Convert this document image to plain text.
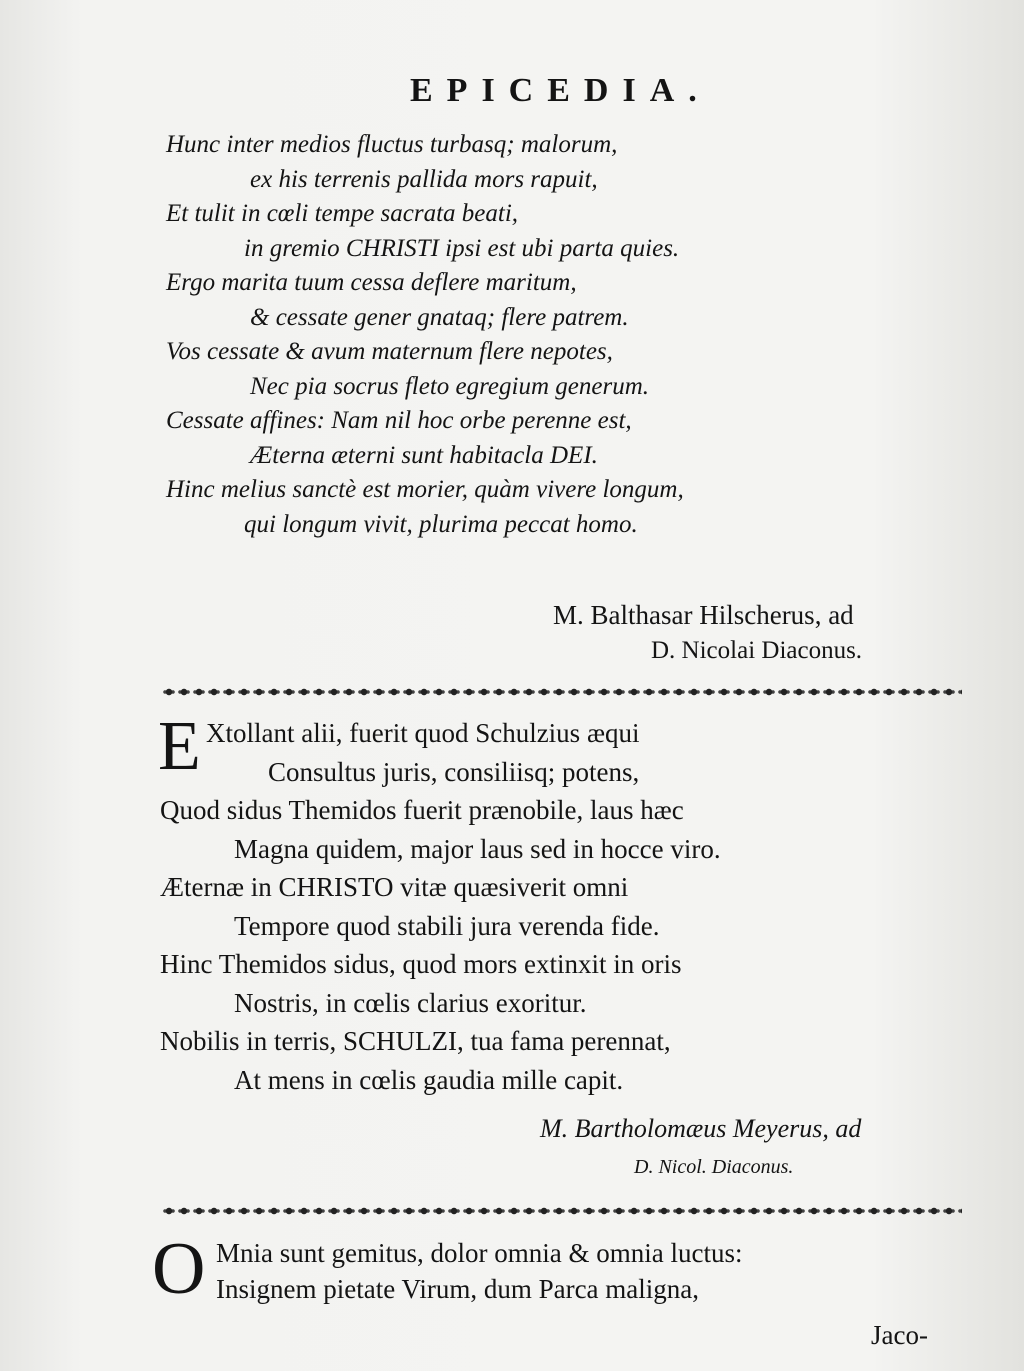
EPICEDIA.
Hunc inter medios fluctus turbasq; malorum,
ex his terrenis pallida mors rapuit,
Et tulit in cœli tempe sacrata beati,
in gremio CHRISTI ipsi est ubi parta quies.
Ergo marita tuum cessa deflere maritum,
& cessate gener gnataq; flere patrem.
Vos cessate & avum maternum flere nepotes,
Nec pia socrus fleto egregium generum.
Cessate affines: Nam nil hoc orbe perenne est,
Æterna æterni sunt habitacla DEI.
Hinc melius sanctè est morier, quàm vivere longum,
qui longum vivit, plurima peccat homo.
M. Balthasar Hilscherus, ad
D. Nicolai Diaconus.
E Xtollant alii, fuerit quod Schulzius æqui
Consultus juris, consiliisq; potens,
Quod sidus Themidos fuerit prænobile, laus hæc
Magna quidem, major laus sed in hocce viro.
Æternæ in CHRISTO vitæ quæsiverit omni
Tempore quod stabili jura verenda fide.
Hinc Themidos sidus, quod mors extinxit in oris
Nostris, in cœlis clarius exoritur.
Nobilis in terris, SCHULZI, tua fama perennat,
At mens in cœlis gaudia mille capit.
M. Bartholomæus Meyerus, ad
D. Nicol. Diaconus.
O Mnia sunt gemitus, dolor omnia & omnia luctus:
Insignem pietate Virum, dum Parca maligna,
Jaco-
